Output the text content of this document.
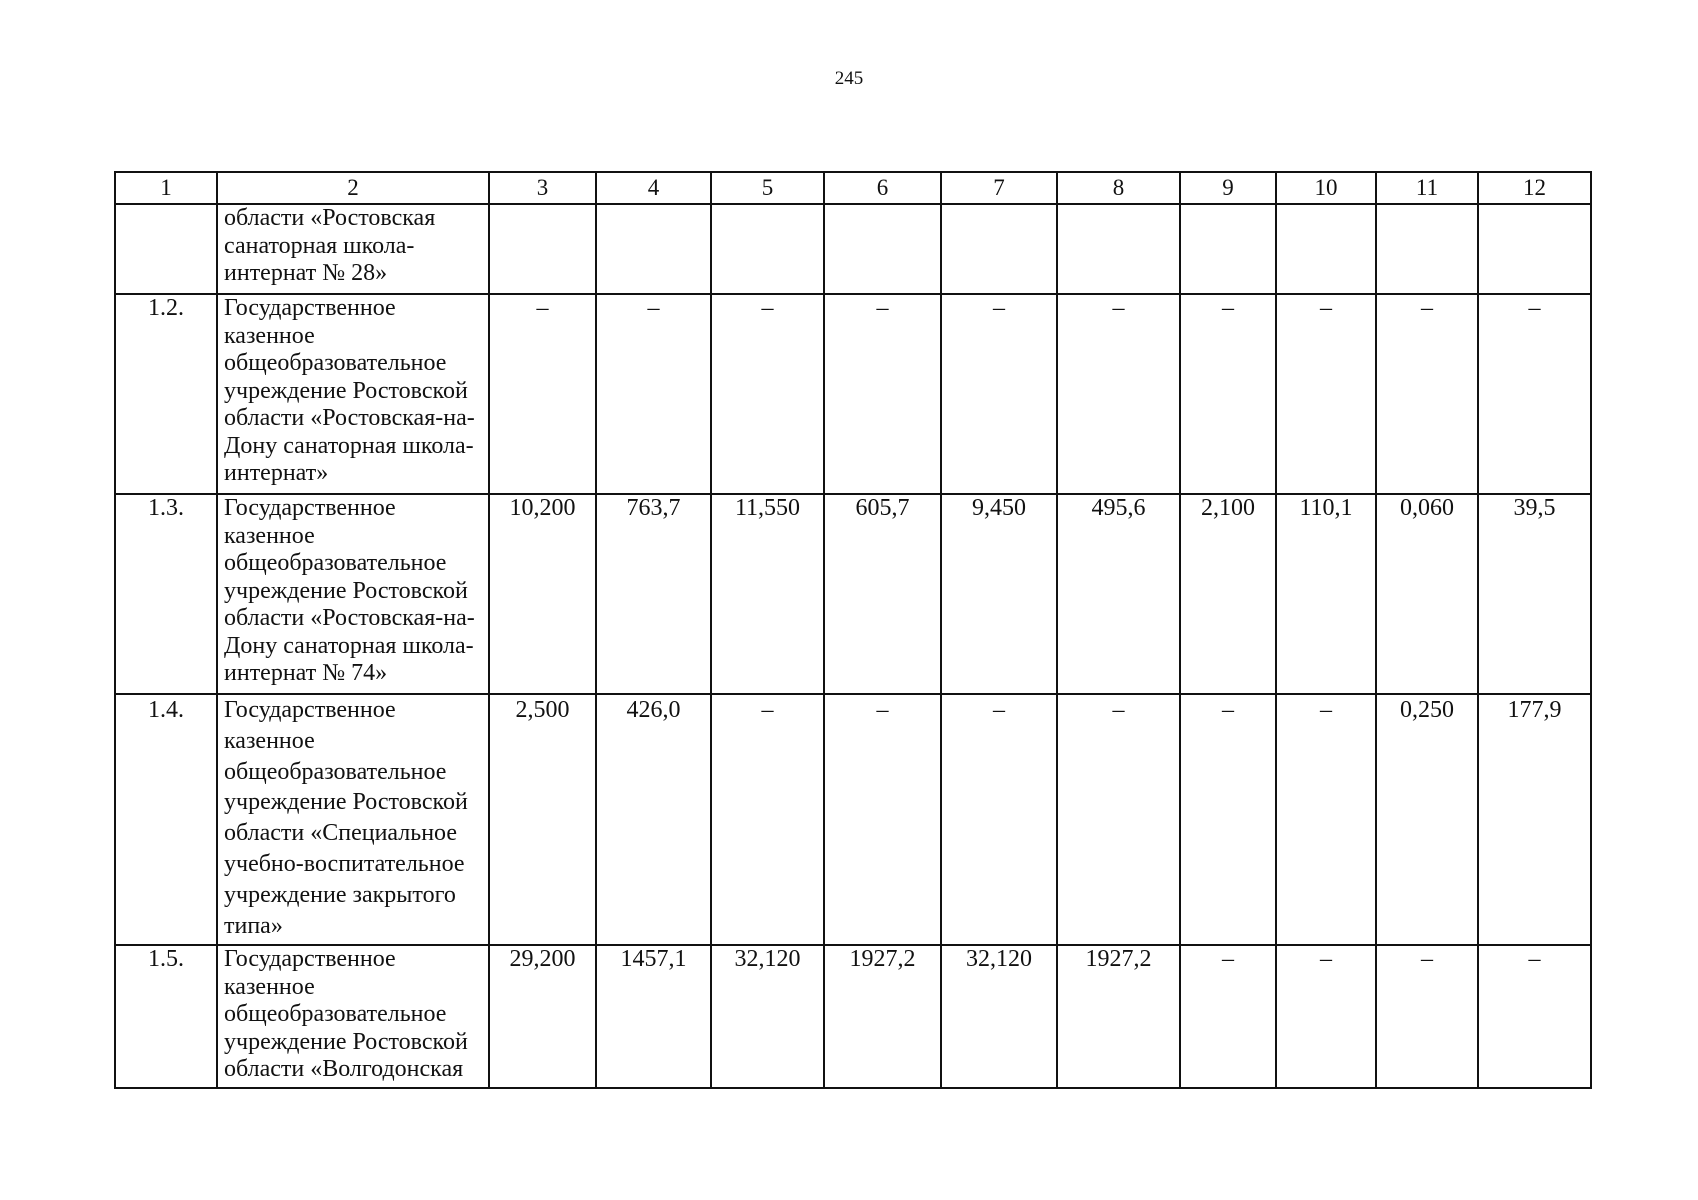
245
1	2	3	4	5	6	7	8	9	10	11	12
	области «Ростовская санаторная школа-интернат № 28»										
1.2.	Государственное казенное общеобразовательное учреждение Ростовской области «Ростовская-на-Дону санаторная школа-интернат»	–	–	–	–	–	–	–	–	–	–
1.3.	Государственное казенное общеобразовательное учреждение Ростовской области «Ростовская-на-Дону санаторная школа-интернат № 74»	10,200	763,7	11,550	605,7	9,450	495,6	2,100	110,1	0,060	39,5
1.4.	Государственное казенное общеобразовательное учреждение Ростовской области «Специальное учебно-воспитательное учреждение закрытого типа»	2,500	426,0	–	–	–	–	–	–	0,250	177,9
1.5.	Государственное казенное общеобразовательное учреждение Ростовской области «Волгодонская	29,200	1457,1	32,120	1927,2	32,120	1927,2	–	–	–	–
